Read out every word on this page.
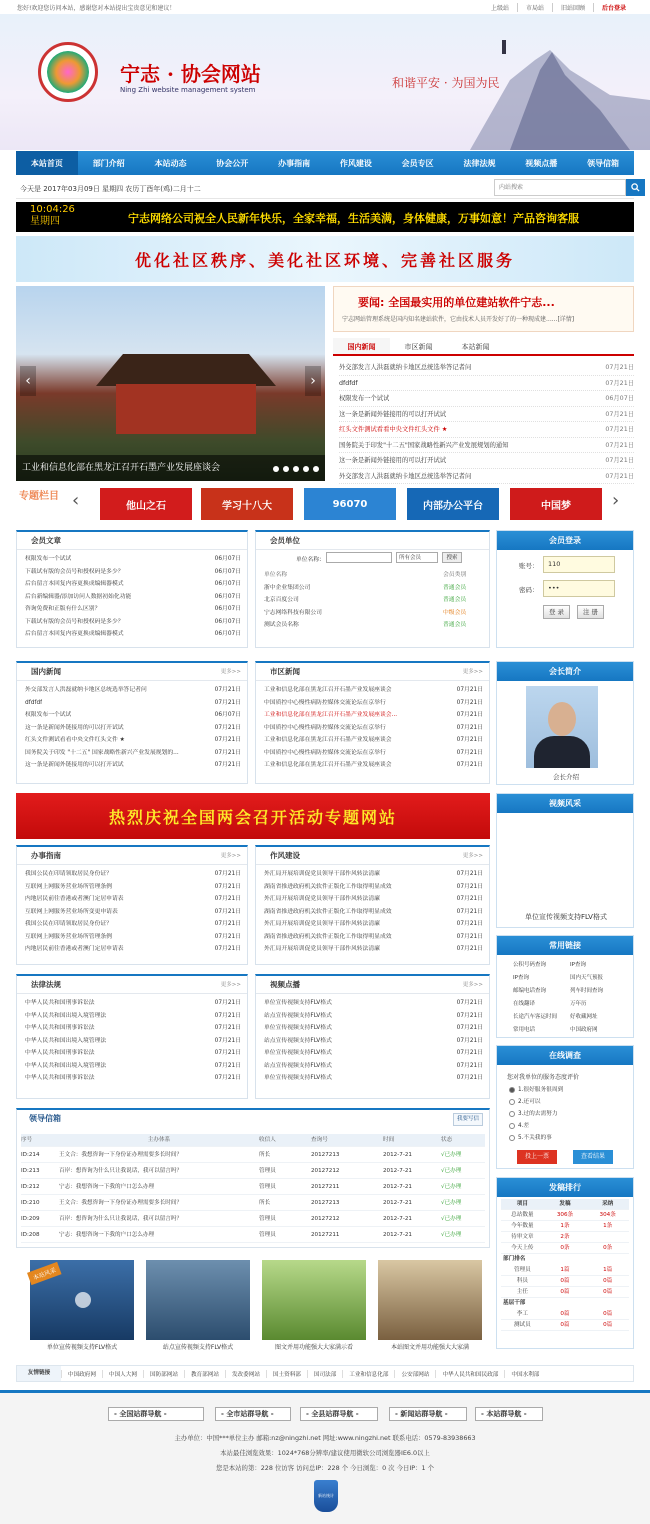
您好!欢迎您访问本站，感谢您对本站提出宝贵意见和建议！	上级站	市局站	旧站回顾	后台登录
宁志 · 协会网站
Ning Zhi website management system	和谐平安 · 为国为民
本站首页	部门介绍	本站动态	协会公开	办事指南	作风建设	会员专区	法律法规	视频点播	领导信箱
今天是 2017年03月09日 星期四 农历丁酉年(鸡)二月十二
内站搜索
10:04:26
星期四	宁志网络公司祝全人民新年快乐，全家幸福，生活美满，身体健康，万事如意！产品咨询客服
优化社区秩序、美化社区环境、完善社区服务
‹	›
工业和信息化部在黑龙江召开石墨产业发展座谈会
要闻: 全国最实用的单位建站软件宁志...
宁志网站管理系统是国内知名建站软件，它由技术人员开发好了的一种现成建......[详情]
国内新闻	市区新闻	本站新闻
外交部发言人洪磊就纳卡地区总统选举答记者问	07月21日
dfdfdf	07月21日
权限发布一个试试	06月07日
这一条是新闻外链接用的可以打开试试	07月21日
红头文件测试看看中央文件红头文件 ★	07月21日
国务院关于印发"十二五"国家战略性新兴产业发展规划的通知	07月21日
这一条是新闻外链接用的可以打开试试	07月21日
外交部发言人洪磊就纳卡地区总统选举答记者问	07月21日
专题栏目 ‹	他山之石	学习十八大	96070	内部办公平台	中国梦	›
会员文章
权限发布一个试试	06月07日
下载试有版的会员号和授权码是多少？	06月07日
后台留言本回复内容更换成编辑器模式	06月07日
后台新编辑器/添加访问人数据初始化功能	06月07日
咨询免费和正版有什么区别？	06月07日
下载试有版的会员号和授权码是多少？	06月07日
后台留言本回复内容更换成编辑器模式	06月07日
会员单位
单位名称:	所有会员	搜索
单位名称	会员类别
浙中企业集团公司	普通会员
北京百度公司	普通会员
宁志网络科技有限公司	中级会员
测试会员名称	普通会员
会员登录
账号：	110
密码：	•••
登 录	注 册
国内新闻	更多>>
外交部发言人洪磊就纳卡地区总统选举答记者问	07月21日
dfdfdf	07月21日
权限发布一个试试	06月07日
这一条是新闻外链接用的可以打开试试	07月21日
红头文件测试看看中央文件红头文件 ★	07月21日
国务院关于印发 "十二五" 国家战略性新兴产业发展规划的...	07月21日
这一条是新闻外链接用的可以打开试试	07月21日
市区新闻	更多>>
工业和信息化部在黑龙江召开石墨产业发展座谈会	07月21日
中国质控中心慢性病防控媒体交流论坛在京举行	07月21日
工业和信息化部在黑龙江召开石墨产业发展座谈会...	07月21日
中国质控中心慢性病防控媒体交流论坛在京举行	07月21日
工业和信息化部在黑龙江召开石墨产业发展座谈会	07月21日
中国质控中心慢性病防控媒体交流论坛在京举行	07月21日
工业和信息化部在黑龙江召开石墨产业发展座谈会	07月21日
会长简介
会长介绍
热烈庆祝全国两会召开活动专题网站
视频风采
单位宣传视频支持FLV格式
办事指南	更多>>
我国公民在印请领取居民身份证？	07月21日
互联网上网服务营业场所管理条例	07月21日
内地居民前往香港或者澳门定居申请表	07月21日
互联网上网服务营业场所变更申请表	07月21日
我国公民在印请领取居民身份证？	07月21日
互联网上网服务营业场所管理条例	07月21日
内地居民前往香港或者澳门定居申请表	07月21日
作风建设	更多>>
外汇局开展培训促党员领导干部作风转法清廉	07月21日
湖南省推进政府机关软件正版化工作取得明显成效	07月21日
外汇局开展培训促党员领导干部作风转法清廉	07月21日
湖南省推进政府机关软件正版化工作取得明显成效	07月21日
外汇局开展培训促党员领导干部作风转法清廉	07月21日
湖南省推进政府机关软件正版化工作取得明显成效	07月21日
外汇局开展培训促党员领导干部作风转法清廉	07月21日	常用链接
公积号码查询	IP查询
IP查询	国内天气预报
邮编电话查询	列车时间查询
在线翻译	万年历
长途汽车客运时间	好收藏网址
常用电话	中国政府网
法律法规	更多>>
中华人民共和国刑事诉讼法	07月21日
中华人民共和国出境入境管理法	07月21日
中华人民共和国刑事诉讼法	07月21日
中华人民共和国出境入境管理法	07月21日
中华人民共和国刑事诉讼法	07月21日
中华人民共和国出境入境管理法	07月21日
中华人民共和国刑事诉讼法	07月21日
视频点播	更多>>
单位宣传视频支持FLV格式	07月21日
站点宣传视频支持FLV格式	07月21日
单位宣传视频支持FLV格式	07月21日
站点宣传视频支持FLV格式	07月21日
单位宣传视频支持FLV格式	07月21日
站点宣传视频支持FLV格式	07月21日
单位宣传视频支持FLV格式	07月21日
在线调查
您对我单位的服务态度评价
1.很好服务很周到
2.还可以
3.过的去需努力
4.差
5.不关我的事
投上一票	查看结果
领导信箱	我要写信
序号	主办体系	收信人	查询号	时间	状态
ID:214	王文合：我想咨询一下身份证办理需要多长时间？	所长	20127213	2012-7-21	√已办理
ID:213	百岸：想咨询为什么只让我说话，我可以留言吗？	管理员	20127212	2012-7-21	√已办理
ID:212	宁志：我想咨询一下我的户口怎么办理	管理员	20127211	2012-7-21	√已办理
ID:210	王文合：我想咨询一下身份证办理需要多长时间？	所长	20127213	2012-7-21	√已办理
ID:209	百岸：想咨询为什么只让我说话，我可以留言吗？	管理员	20127212	2012-7-21	√已办理
ID:208	宁志：我想咨询一下我的户口怎么办理	管理员	20127211	2012-7-21	√已办理
发稿排行
项目	发稿	采纳
总站数量	306条	304条
今年数量	1条	1条
待审文章	2条
今天上传	0条	0条
部门排名
管理员	1篇	1篇
科员	0篇	0篇
主任	0篇	0篇
基层干部
李工	0篇	0篇
测试员	0篇	0篇
本站风采
单位宣传视频支持FLV格式	站点宣传视频支持FLV格式	图文并用功能强大大家满示看	本站图文并用功能强大大家满
友情链接	中国政府网	中国人大网	国防部网站	教育部网站	发改委网站	国土资料部	国司法部	工业和信息化部	公安部网站	中华人民共和国民政部	中国水利部
- 全国站群导航 -	- 全市站群导航 -	- 全县站群导航 -	- 新闻站群导航 -	- 本站群导航 -
主办单位：中国***单位主办 邮箱:nz@ningzhi.net 网址:www.ningzhi.net 联系电话：0579-83938663
本站最佳浏览效果：1024*768分辨率/建议使用微软公司浏览器IE6.0以上
您是本站的第：228 位访客 访问总IP：228 个 今日浏览：0 次 今日IP：1 个
新站统计
